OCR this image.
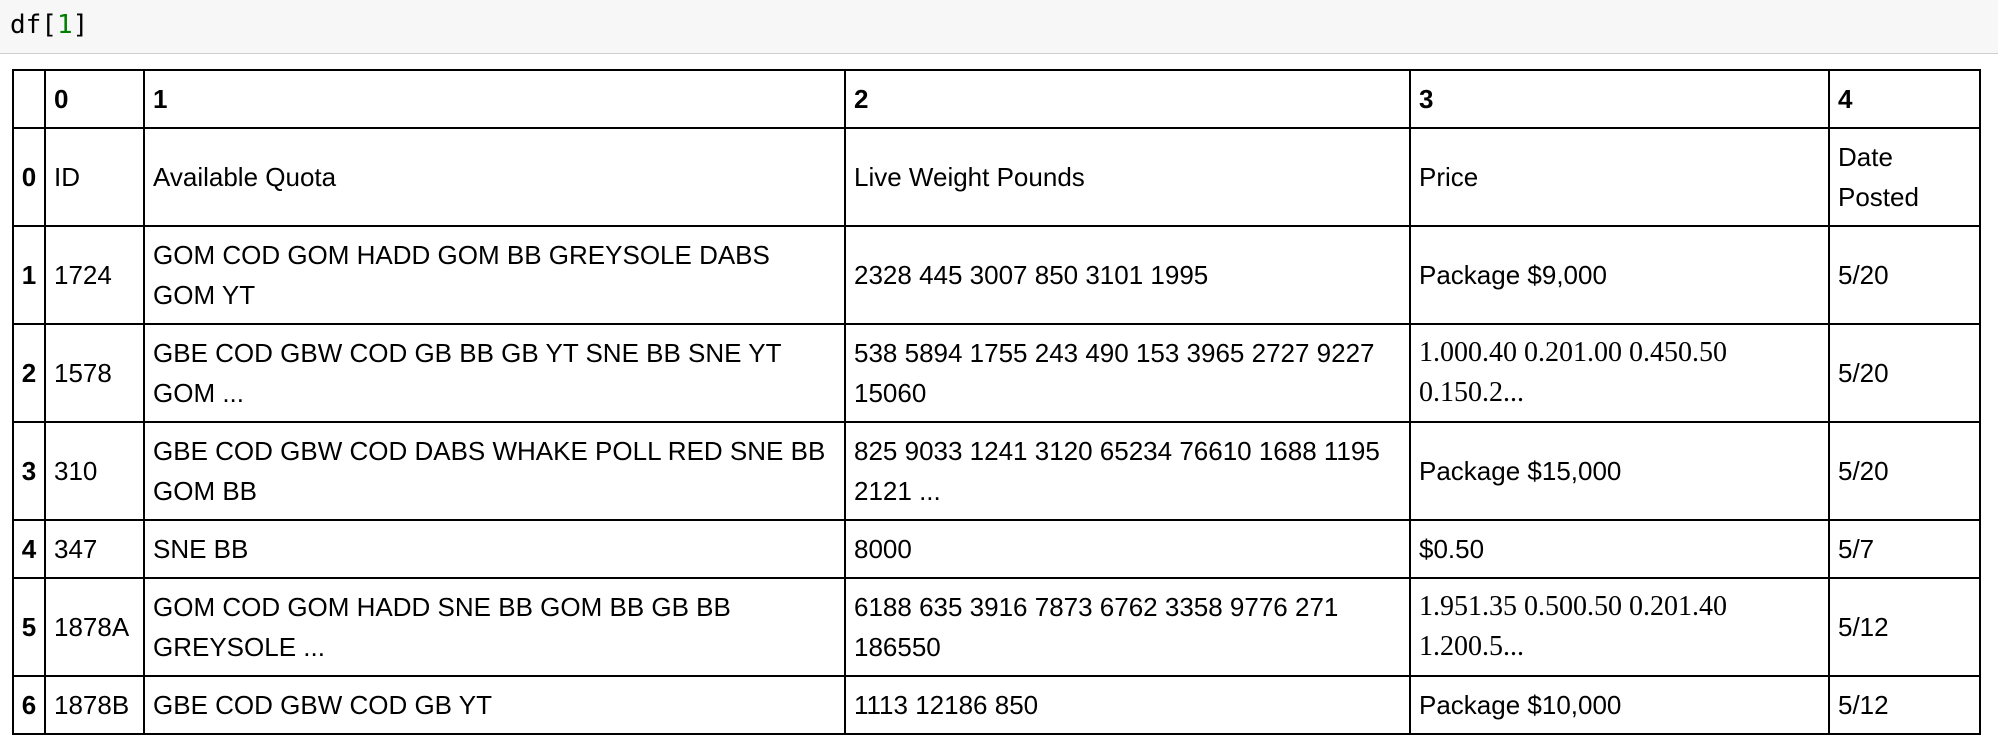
df[1]
	0	1	2	3	4
0	ID	Available Quota	Live Weight Pounds	Price	Date Posted
1	1724	GOM COD GOM HADD GOM BB GREYSOLE DABS GOM YT	2328 445 3007 850 3101 1995	Package $9,000	5/20
2	1578	GBE COD GBW COD GB BB GB YT SNE BB SNE YT GOM ...	538 5894 1755 243 490 153 3965 2727 9227 15060	1.000.40 0.201.00 0.450.50 0.150.2...	5/20
3	310	GBE COD GBW COD DABS WHAKE POLL RED SNE BB GOM BB	825 9033 1241 3120 65234 76610 1688 1195 2121 ...	Package $15,000	5/20
4	347	SNE BB	8000	$0.50	5/7
5	1878A	GOM COD GOM HADD SNE BB GOM BB GB BB GREYSOLE ...	6188 635 3916 7873 6762 3358 9776 271 186550	1.951.35 0.500.50 0.201.40 1.200.5...	5/12
6	1878B	GBE COD GBW COD GB YT	1113 12186 850	Package $10,000	5/12
